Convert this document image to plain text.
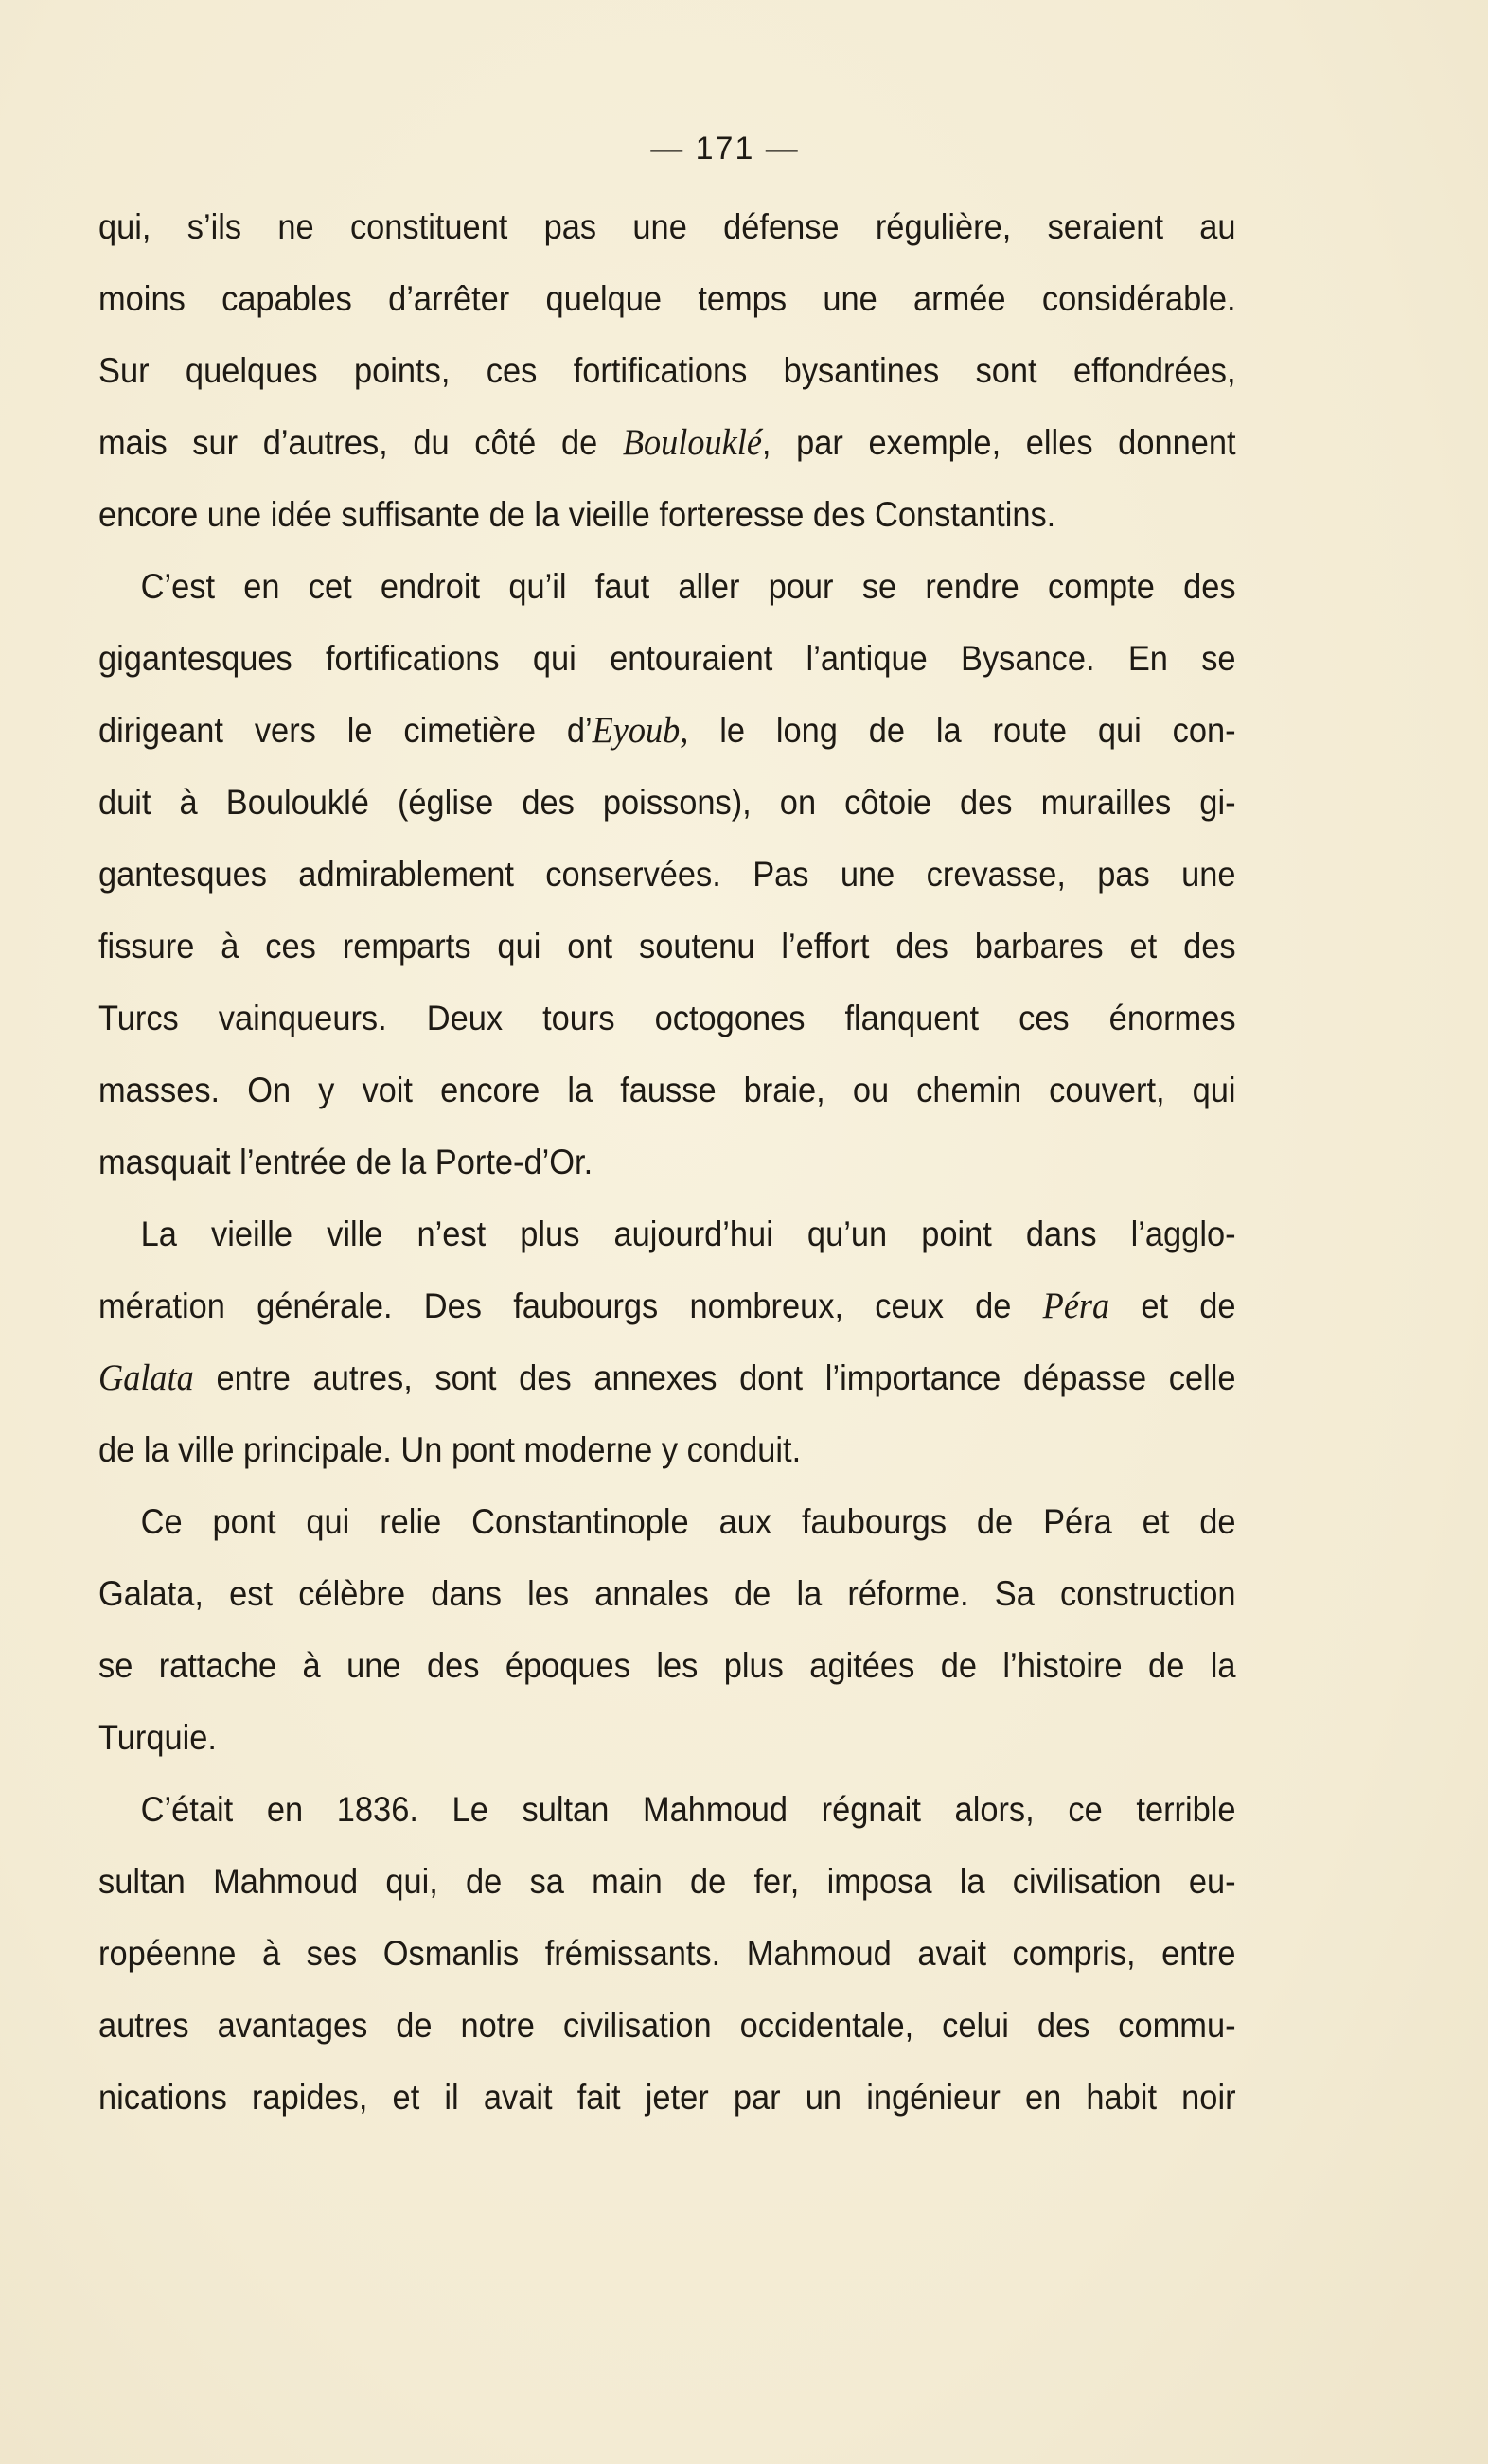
— 171 —
qui, s’ils ne constituent pas une défense régulière, seraient au
moins capables d’arrêter quelque temps une armée considérable.
Sur quelques points, ces fortifications bysantines sont effondrées,
mais sur d’autres, du côté de Boulouklé, par exemple, elles donnent
encore une idée suffisante de la vieille forteresse des Constantins.
C’est en cet endroit qu’il faut aller pour se rendre compte des
gigantesques fortifications qui entouraient l’antique Bysance. En se
dirigeant vers le cimetière d’Eyoub, le long de la route qui con-
duit à Boulouklé (église des poissons), on côtoie des murailles gi-
gantesques admirablement conservées. Pas une crevasse, pas une
fissure à ces remparts qui ont soutenu l’effort des barbares et des
Turcs vainqueurs. Deux tours octogones flanquent ces énormes
masses. On y voit encore la fausse braie, ou chemin couvert, qui
masquait l’entrée de la Porte-d’Or.
La vieille ville n’est plus aujourd’hui qu’un point dans l’agglo-
mération générale. Des faubourgs nombreux, ceux de Péra et de
Galata entre autres, sont des annexes dont l’importance dépasse celle
de la ville principale. Un pont moderne y conduit.
Ce pont qui relie Constantinople aux faubourgs de Péra et de
Galata, est célèbre dans les annales de la réforme. Sa construction
se rattache à une des époques les plus agitées de l’histoire de la
Turquie.
C’était en 1836. Le sultan Mahmoud régnait alors, ce terrible
sultan Mahmoud qui, de sa main de fer, imposa la civilisation eu-
ropéenne à ses Osmanlis frémissants. Mahmoud avait compris, entre
autres avantages de notre civilisation occidentale, celui des commu-
nications rapides, et il avait fait jeter par un ingénieur en habit noir
